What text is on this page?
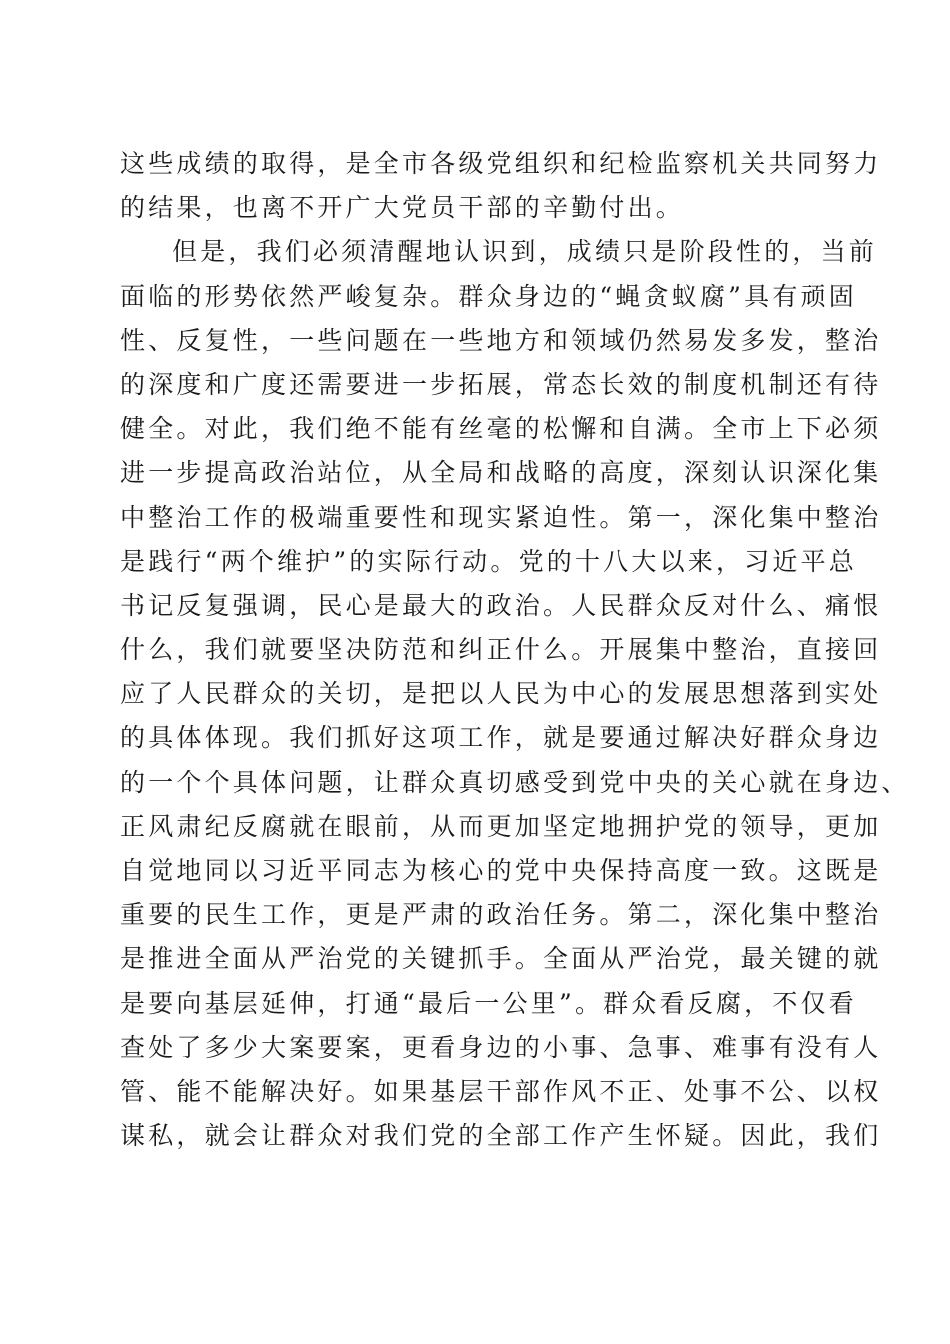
这些成绩的取得，是全市各级党组织和纪检监察机关共同努力
的结果，也离不开广大党员干部的辛勤付出。
但是，我们必须清醒地认识到，成绩只是阶段性的，当前
面临的形势依然严峻复杂。群众身边的“蝇贪蚁腐”具有顽固
性、反复性，一些问题在一些地方和领域仍然易发多发，整治
的深度和广度还需要进一步拓展，常态长效的制度机制还有待
健全。对此，我们绝不能有丝毫的松懈和自满。全市上下必须
进一步提高政治站位，从全局和战略的高度，深刻认识深化集
中整治工作的极端重要性和现实紧迫性。第一，深化集中整治
是践行“两个维护”的实际行动。党的十八大以来，习近平总
书记反复强调，民心是最大的政治。人民群众反对什么、痛恨
什么，我们就要坚决防范和纠正什么。开展集中整治，直接回
应了人民群众的关切，是把以人民为中心的发展思想落到实处
的具体体现。我们抓好这项工作，就是要通过解决好群众身边
的一个个具体问题，让群众真切感受到党中央的关心就在身边、
正风肃纪反腐就在眼前，从而更加坚定地拥护党的领导，更加
自觉地同以习近平同志为核心的党中央保持高度一致。这既是
重要的民生工作，更是严肃的政治任务。第二，深化集中整治
是推进全面从严治党的关键抓手。全面从严治党，最关键的就
是要向基层延伸，打通“最后一公里”。群众看反腐，不仅看
查处了多少大案要案，更看身边的小事、急事、难事有没有人
管、能不能解决好。如果基层干部作风不正、处事不公、以权
谋私，就会让群众对我们党的全部工作产生怀疑。因此，我们
